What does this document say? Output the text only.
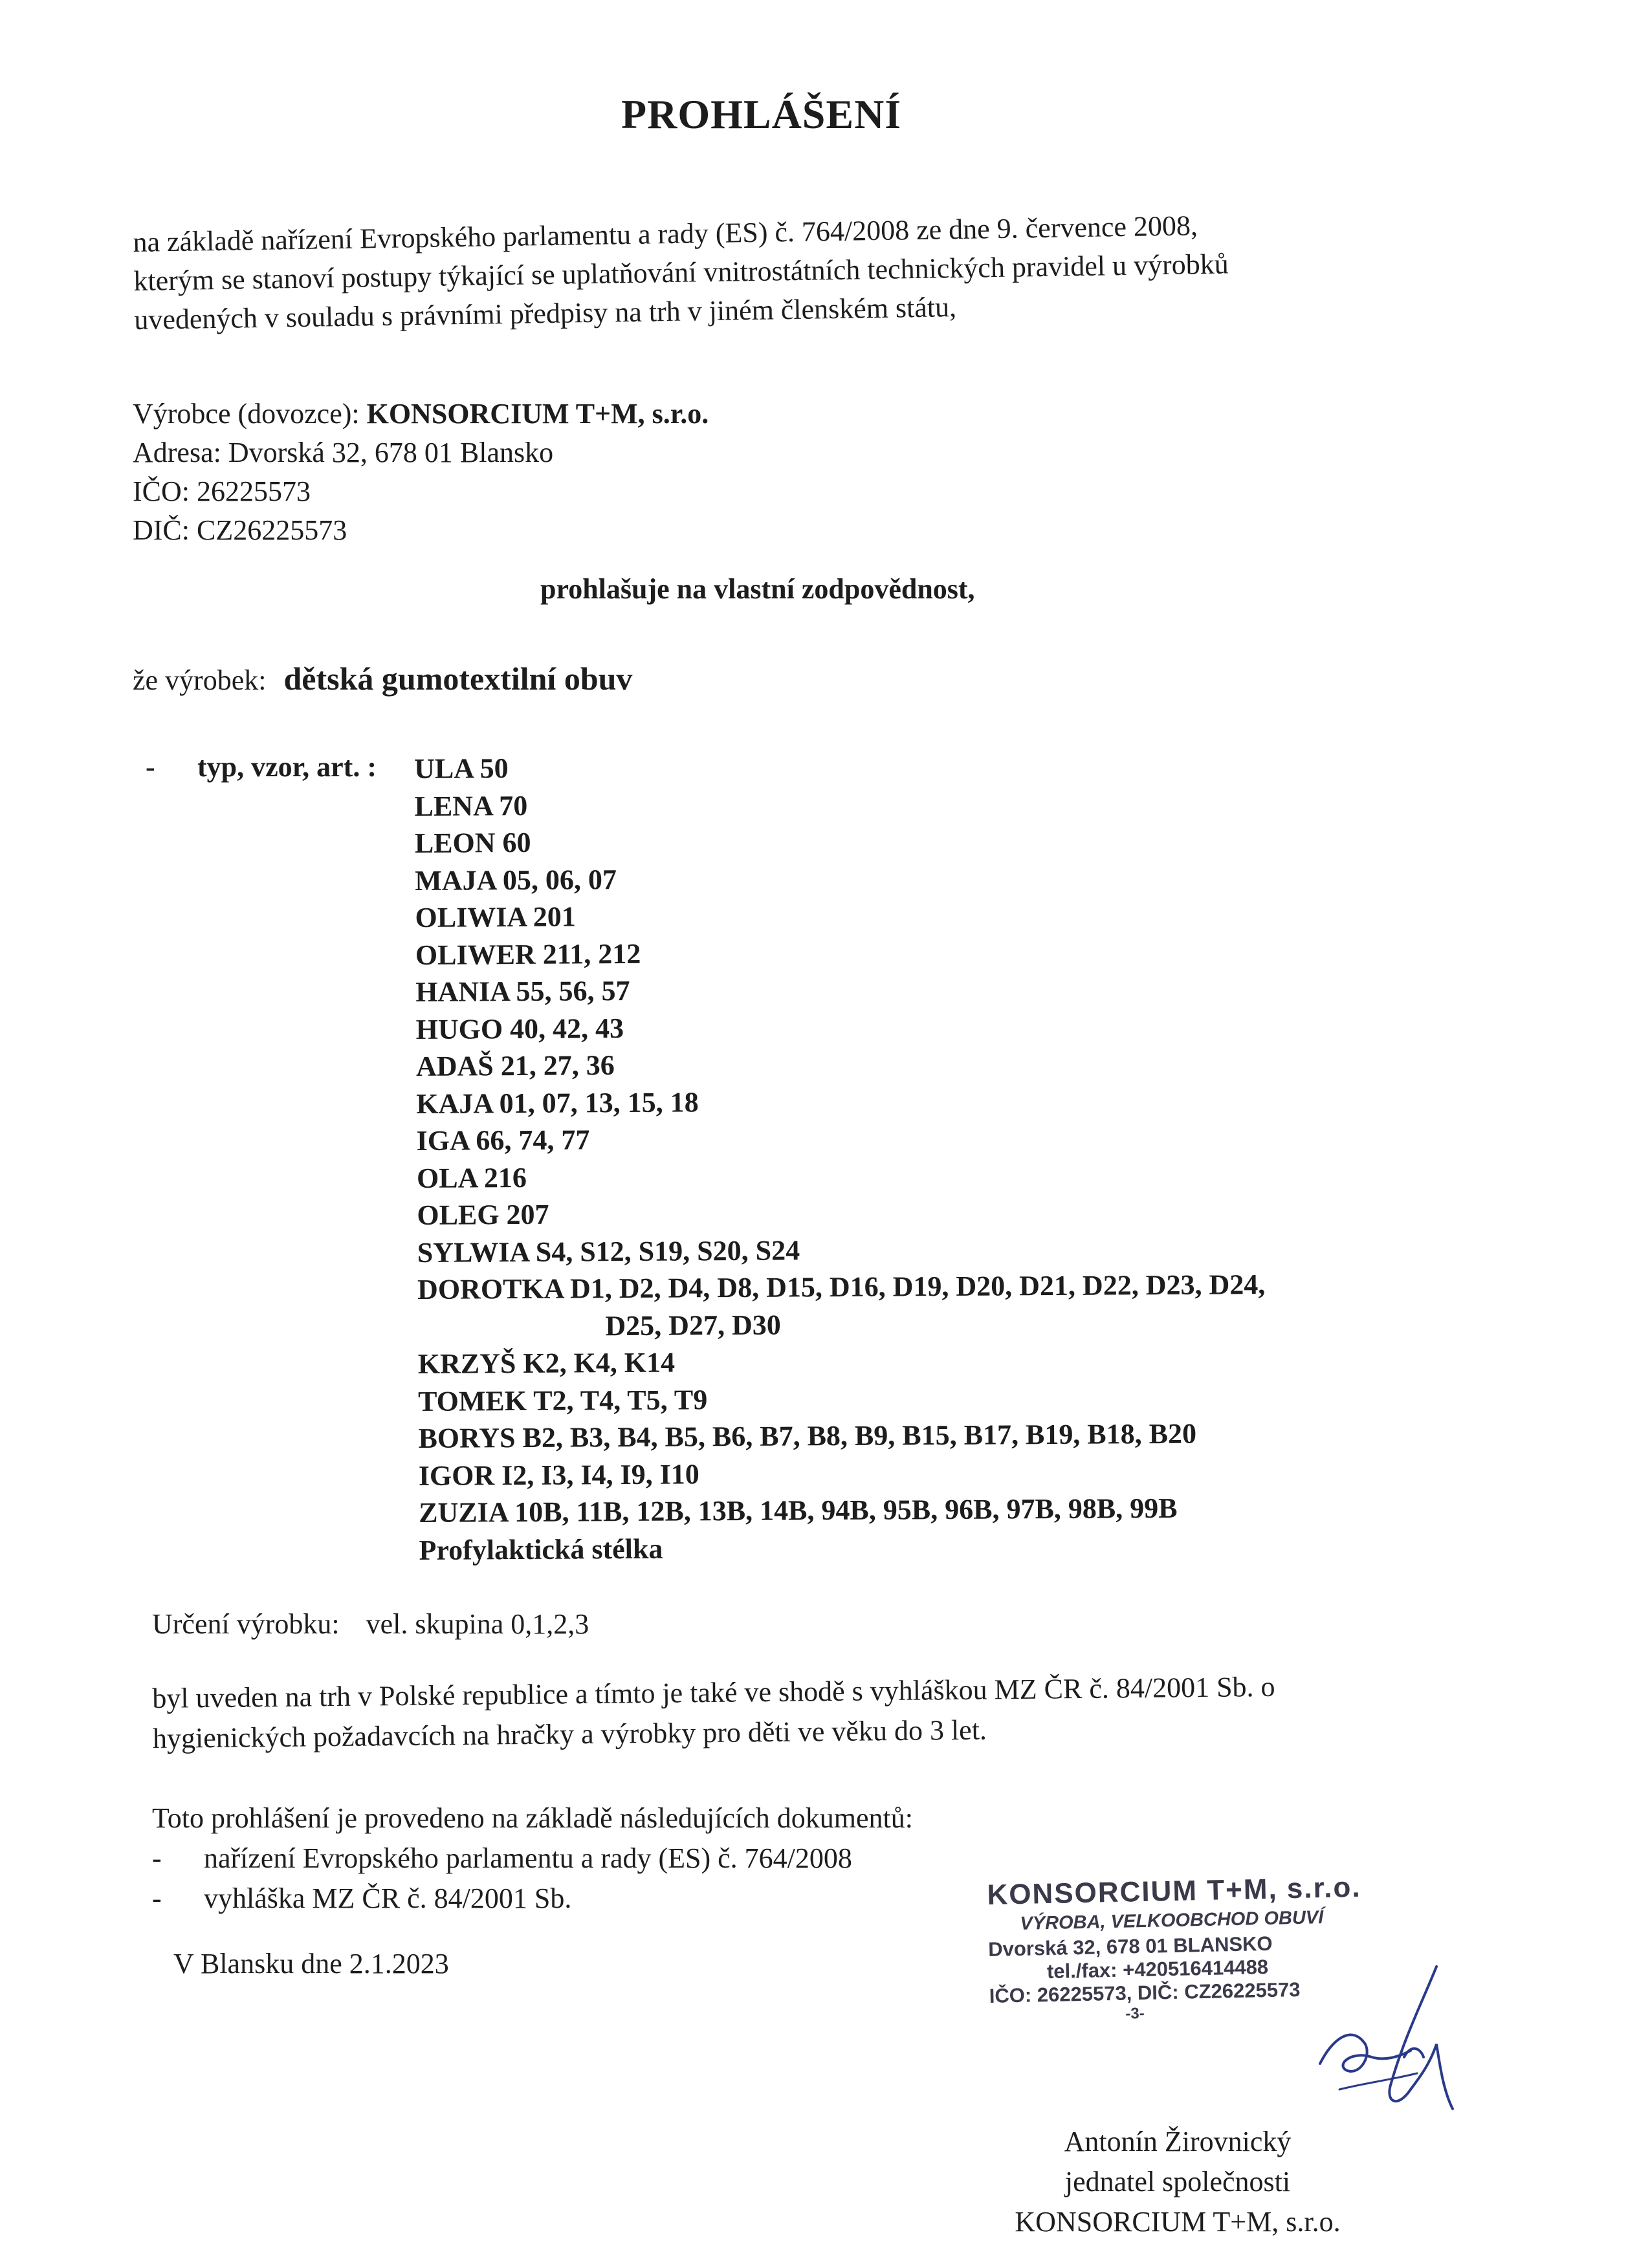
PROHLÁŠENÍ
na základě nařízení Evropského parlamentu a rady (ES) č. 764/2008 ze dne 9. července 2008,
kterým se stanoví postupy týkající se uplatňování vnitrostátních technických pravidel u výrobků
uvedených v souladu s právními předpisy na trh v jiném členském státu,
Výrobce (dovozce): KONSORCIUM T+M, s.r.o.
Adresa: Dvorská 32, 678 01 Blansko
IČO: 26225573
DIČ: CZ26225573
prohlašuje na vlastní zodpovědnost,
že výrobek: dětská gumotextilní obuv
- typ, vzor, art. : ULA 50
LENA 70
LEON 60
MAJA 05, 06, 07
OLIWIA 201
OLIWER 211, 212
HANIA 55, 56, 57
HUGO 40, 42, 43
ADAŠ 21, 27, 36
KAJA 01, 07, 13, 15, 18
IGA 66, 74, 77
OLA 216
OLEG 207
SYLWIA S4, S12, S19, S20, S24
DOROTKA D1, D2, D4, D8, D15, D16, D19, D20, D21, D22, D23, D24,
D25, D27, D30
KRZYŠ K2, K4, K14
TOMEK T2, T4, T5, T9
BORYS B2, B3, B4, B5, B6, B7, B8, B9, B15, B17, B19, B18, B20
IGOR I2, I3, I4, I9, I10
ZUZIA 10B, 11B, 12B, 13B, 14B, 94B, 95B, 96B, 97B, 98B, 99B
Profylaktická stélka
Určení výrobku: vel. skupina 0,1,2,3
byl uveden na trh v Polské republice a tímto je také ve shodě s vyhláškou MZ ČR č. 84/2001 Sb. o
hygienických požadavcích na hračky a výrobky pro děti ve věku do 3 let.
Toto prohlášení je provedeno na základě následujících dokumentů:
- nařízení Evropského parlamentu a rady (ES) č. 764/2008
- vyhláška MZ ČR č. 84/2001 Sb.
V Blansku dne 2.1.2023
KONSORCIUM T+M, s.r.o.
VÝROBA, VELKOOBCHOD OBUVÍ
Dvorská 32, 678 01 BLANSKO
tel./fax: +420516414488
IČO: 26225573, DIČ: CZ26225573
-3-
Antonín Žirovnický
jednatel společnosti
KONSORCIUM T+M, s.r.o.
